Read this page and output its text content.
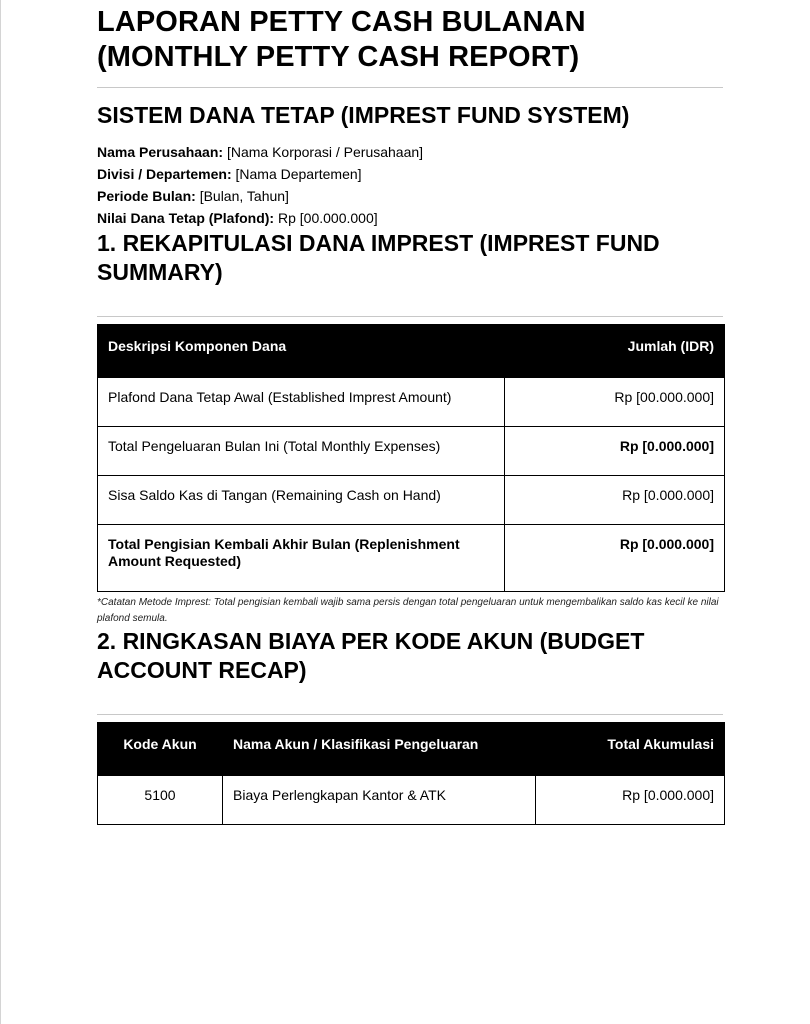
LAPORAN PETTY CASH BULANAN (MONTHLY PETTY CASH REPORT)
SISTEM DANA TETAP (IMPREST FUND SYSTEM)
Nama Perusahaan: [Nama Korporasi / Perusahaan]
Divisi / Departemen: [Nama Departemen]
Periode Bulan: [Bulan, Tahun]
Nilai Dana Tetap (Plafond): Rp [00.000.000]
1. REKAPITULASI DANA IMPREST (IMPREST FUND SUMMARY)
Deskripsi Komponen Dana	Jumlah (IDR)
Plafond Dana Tetap Awal (Established Imprest Amount)	Rp [00.000.000]
Total Pengeluaran Bulan Ini (Total Monthly Expenses)	Rp [0.000.000]
Sisa Saldo Kas di Tangan (Remaining Cash on Hand)	Rp [0.000.000]
Total Pengisian Kembali Akhir Bulan (Replenishment Amount Requested)	Rp [0.000.000]
*Catatan Metode Imprest: Total pengisian kembali wajib sama persis dengan total pengeluaran untuk mengembalikan saldo kas kecil ke nilai plafond semula.
2. RINGKASAN BIAYA PER KODE AKUN (BUDGET ACCOUNT RECAP)
Kode Akun	Nama Akun / Klasifikasi Pengeluaran	Total Akumulasi
5100	Biaya Perlengkapan Kantor & ATK	Rp [0.000.000]
